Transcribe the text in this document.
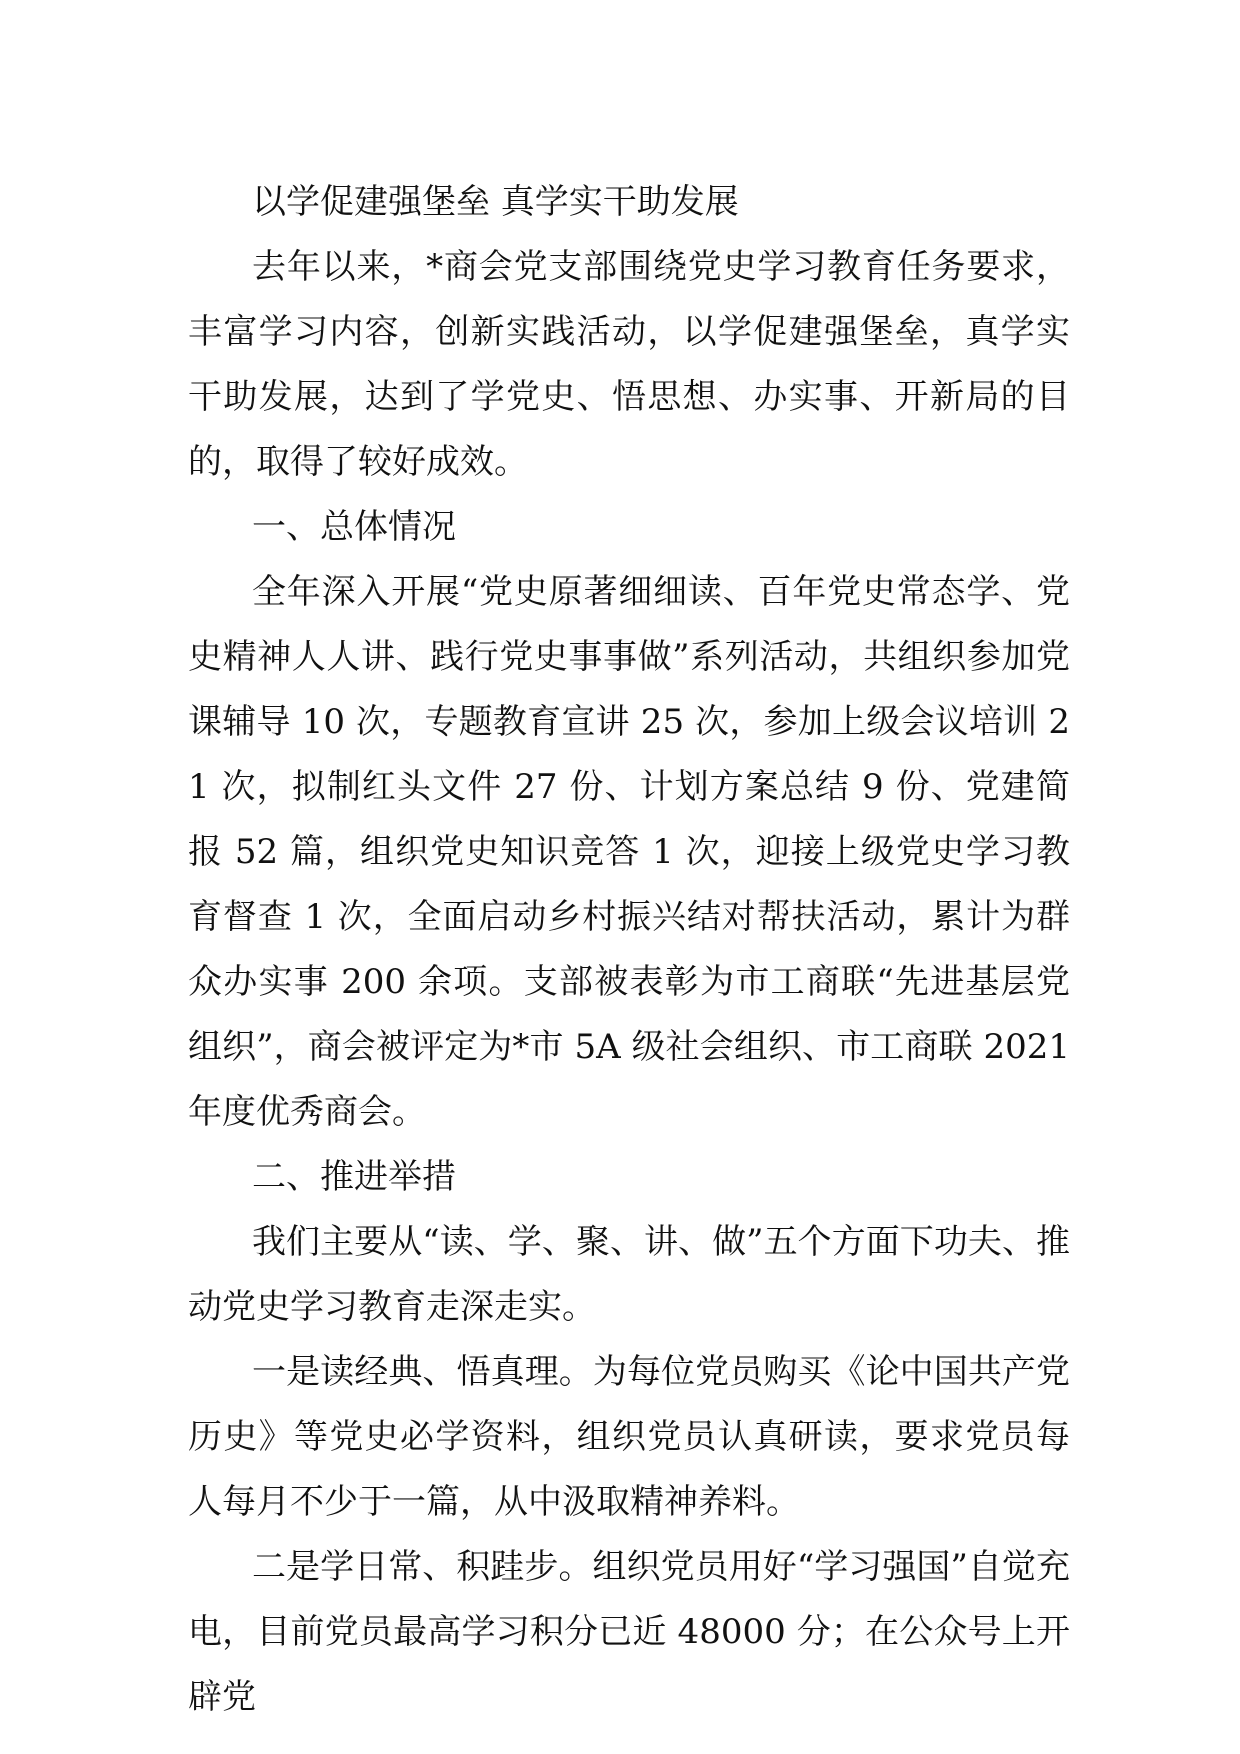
以学促建强堡垒 真学实干助发展

去年以来，*商会党支部围绕党史学习教育任务要求，丰富学习内容，创新实践活动，以学促建强堡垒，真学实干助发展，达到了学党史、悟思想、办实事、开新局的目的，取得了较好成效。

一、总体情况

全年深入开展“党史原著细细读、百年党史常态学、党史精神人人讲、践行党史事事做”系列活动，共组织参加党课辅导 10 次，专题教育宣讲 25 次，参加上级会议培训 21 次，拟制红头文件 27 份、计划方案总结 9 份、党建简报 52 篇，组织党史知识竞答 1 次，迎接上级党史学习教育督查 1 次，全面启动乡村振兴结对帮扶活动，累计为群众办实事 200 余项。支部被表彰为市工商联“先进基层党组织”，商会被评定为*市 5A 级社会组织、市工商联 2021 年度优秀商会。

二、推进举措

我们主要从“读、学、聚、讲、做”五个方面下功夫、推动党史学习教育走深走实。

一是读经典、悟真理。为每位党员购买《论中国共产党历史》等党史必学资料，组织党员认真研读，要求党员每人每月不少于一篇，从中汲取精神养料。

二是学日常、积跬步。组织党员用好“学习强国”自觉充电，目前党员最高学习积分已近 48000 分；在公众号上开辟党
